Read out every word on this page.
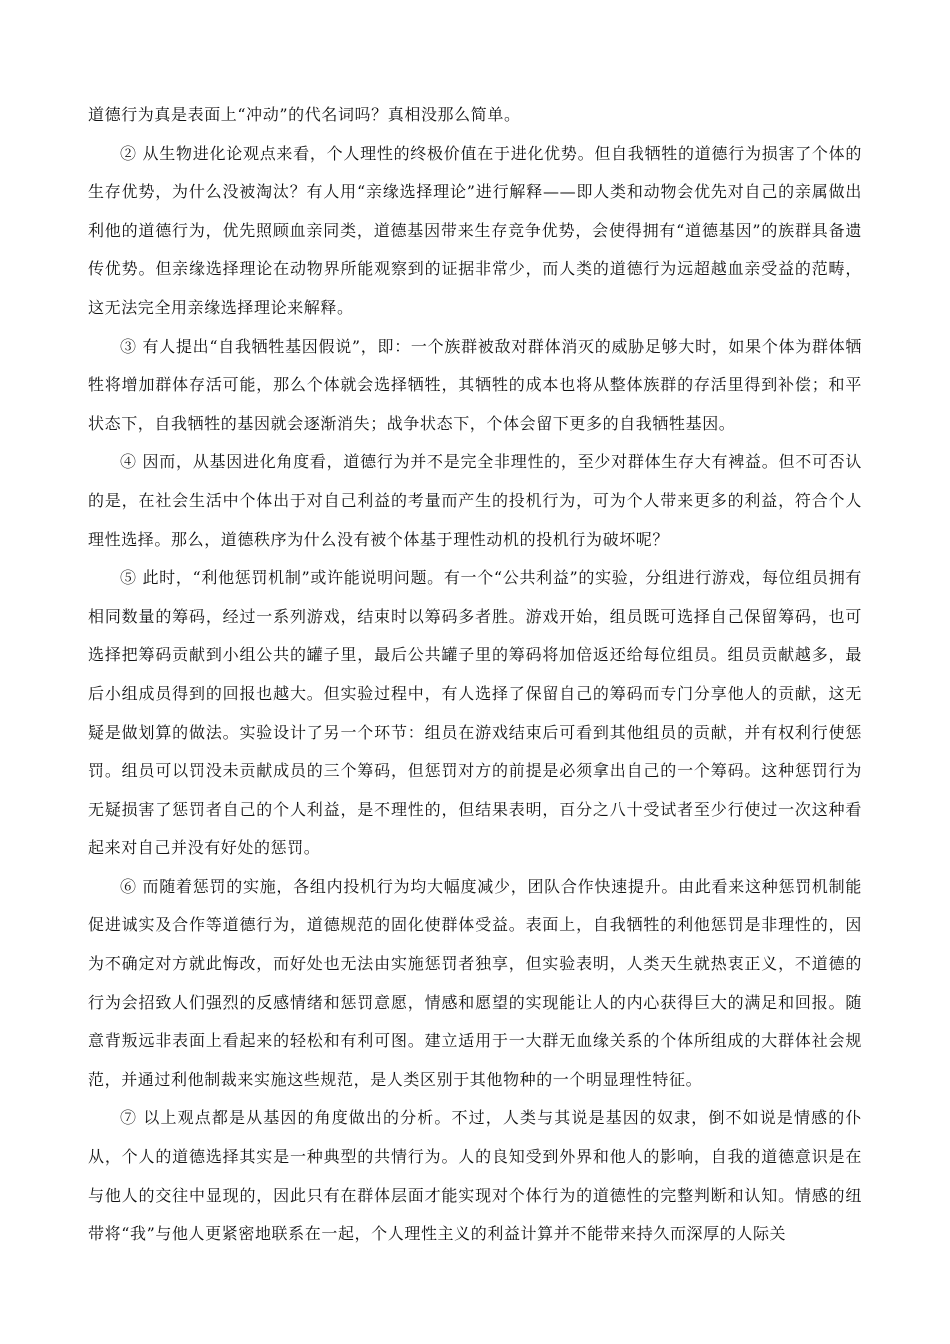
道德行为真是表面上“冲动”的代名词吗？真相没那么简单。

② 从生物进化论观点来看，个人理性的终极价值在于进化优势。但自我牺牲的道德行为损害了个体的生存优势，为什么没被淘汰？有人用“亲缘选择理论”进行解释——即人类和动物会优先对自己的亲属做出利他的道德行为，优先照顾血亲同类，道德基因带来生存竞争优势，会使得拥有“道德基因”的族群具备遗传优势。但亲缘选择理论在动物界所能观察到的证据非常少，而人类的道德行为远超越血亲受益的范畴，这无法完全用亲缘选择理论来解释。

③ 有人提出“自我牺牲基因假说”，即：一个族群被敌对群体消灭的威胁足够大时，如果个体为群体牺牲将增加群体存活可能，那么个体就会选择牺牲，其牺牲的成本也将从整体族群的存活里得到补偿；和平状态下，自我牺牲的基因就会逐渐消失；战争状态下，个体会留下更多的自我牺牲基因。

④ 因而，从基因进化角度看，道德行为并不是完全非理性的，至少对群体生存大有裨益。但不可否认的是，在社会生活中个体出于对自己利益的考量而产生的投机行为，可为个人带来更多的利益，符合个人理性选择。那么，道德秩序为什么没有被个体基于理性动机的投机行为破坏呢？

⑤ 此时，“利他惩罚机制”或许能说明问题。有一个“公共利益”的实验，分组进行游戏，每位组员拥有相同数量的筹码，经过一系列游戏，结束时以筹码多者胜。游戏开始，组员既可选择自己保留筹码，也可选择把筹码贡献到小组公共的罐子里，最后公共罐子里的筹码将加倍返还给每位组员。组员贡献越多，最后小组成员得到的回报也越大。但实验过程中，有人选择了保留自己的筹码而专门分享他人的贡献，这无疑是做划算的做法。实验设计了另一个环节：组员在游戏结束后可看到其他组员的贡献，并有权利行使惩罚。组员可以罚没未贡献成员的三个筹码，但惩罚对方的前提是必须拿出自己的一个筹码。这种惩罚行为无疑损害了惩罚者自己的个人利益，是不理性的，但结果表明，百分之八十受试者至少行使过一次这种看起来对自己并没有好处的惩罚。

⑥ 而随着惩罚的实施，各组内投机行为均大幅度减少，团队合作快速提升。由此看来这种惩罚机制能促进诚实及合作等道德行为，道德规范的固化使群体受益。表面上，自我牺牲的利他惩罚是非理性的，因为不确定对方就此悔改，而好处也无法由实施惩罚者独享，但实验表明，人类天生就热衷正义，不道德的行为会招致人们强烈的反感情绪和惩罚意愿，情感和愿望的实现能让人的内心获得巨大的满足和回报。随意背叛远非表面上看起来的轻松和有利可图。建立适用于一大群无血缘关系的个体所组成的大群体社会规范，并通过利他制裁来实施这些规范，是人类区别于其他物种的一个明显理性特征。

⑦ 以上观点都是从基因的角度做出的分析。不过，人类与其说是基因的奴隶，倒不如说是情感的仆从，个人的道德选择其实是一种典型的共情行为。人的良知受到外界和他人的影响，自我的道德意识是在与他人的交往中显现的，因此只有在群体层面才能实现对个体行为的道德性的完整判断和认知。情感的纽带将“我”与他人更紧密地联系在一起，个人理性主义的利益计算并不能带来持久而深厚的人际关
